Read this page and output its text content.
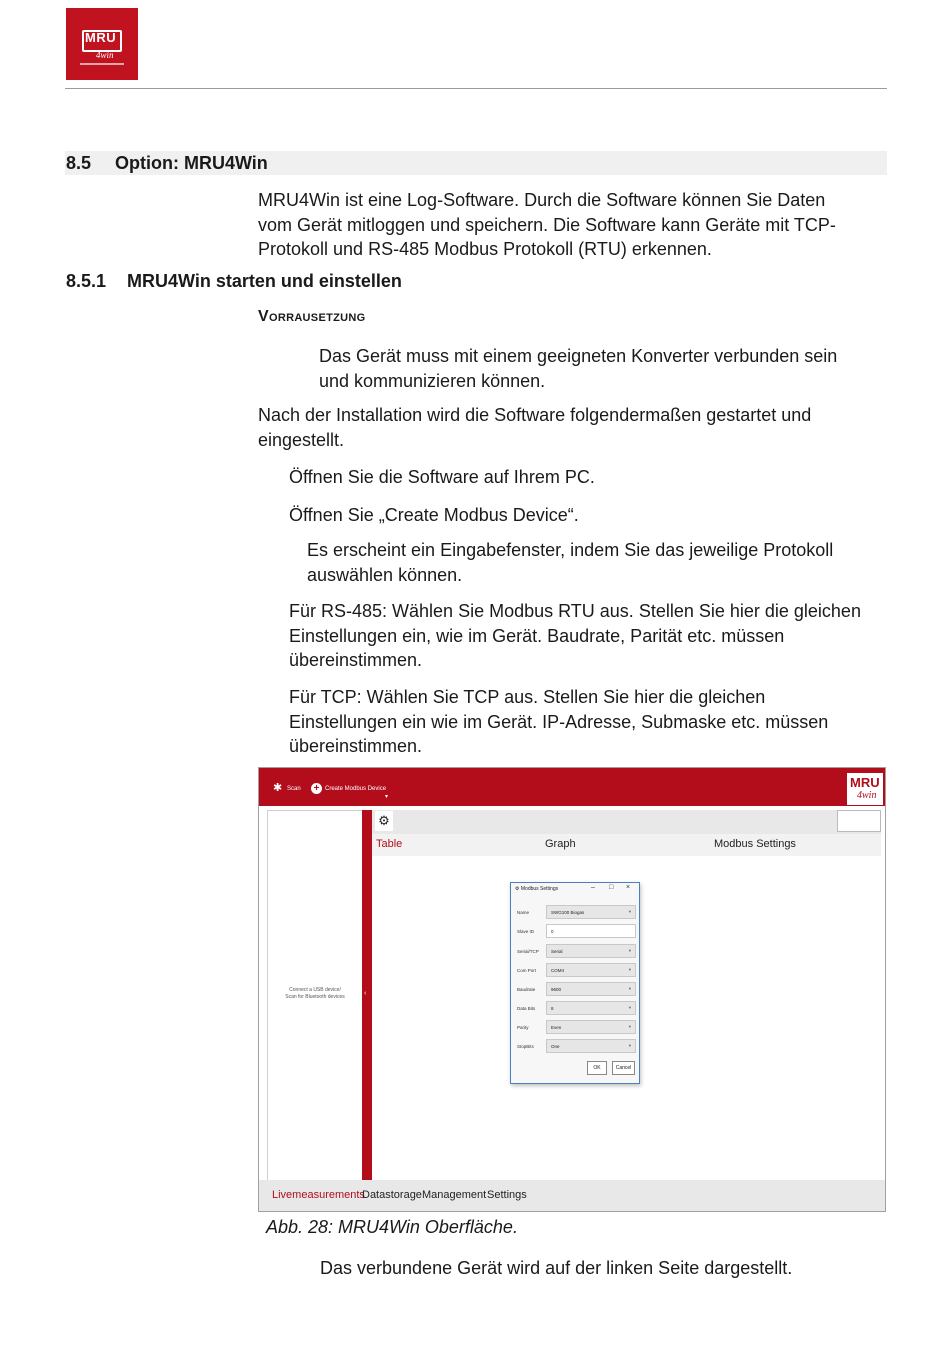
MRU
4win
8.5 Option: MRU4Win
MRU4Win ist eine Log-Software. Durch die Software können Sie Daten
vom Gerät mitloggen und speichern. Die Software kann Geräte mit TCP-
Protokoll und RS-485 Modbus Protokoll (RTU) erkennen.
8.5.1 MRU4Win starten und einstellen
Vorrausetzung
Das Gerät muss mit einem geeigneten Konverter verbunden sein
und kommunizieren können.
Nach der Installation wird die Software folgendermaßen gestartet und
eingestellt.
Öffnen Sie die Software auf Ihrem PC.
Öffnen Sie „Create Modbus Device“.
Es erscheint ein Eingabefenster, indem Sie das jeweilige Protokoll
auswählen können.
Für RS-485: Wählen Sie Modbus RTU aus. Stellen Sie hier die gleichen
Einstellungen ein, wie im Gerät. Baudrate, Parität etc. müssen
übereinstimmen.
Für TCP: Wählen Sie TCP aus. Stellen Sie hier die gleichen
Einstellungen ein wie im Gerät. IP-Adresse, Submaske etc. müssen
übereinstimmen.
✱ Scan + Create Modbus Device
▾
MRU
4win
Connect a USB device/
Scan for Bluetooth devices	‹
⚙
Table	Graph	Modbus Settings
Livemeasurements
Datastorage Management Settings
⚙ Modbus Settings	– □ ×
Name	SWG100 Biogas	▾
Slave ID	0
Serial/TCP	Serial	▾
Com Port	COM4	▾
Baudrate	9600	▾
Data Bits	8	▾
Parity	Even	▾
StopBits	One	▾
OK	Cancel
Abb. 28: MRU4Win Oberfläche.
Das verbundene Gerät wird auf der linken Seite dargestellt.
